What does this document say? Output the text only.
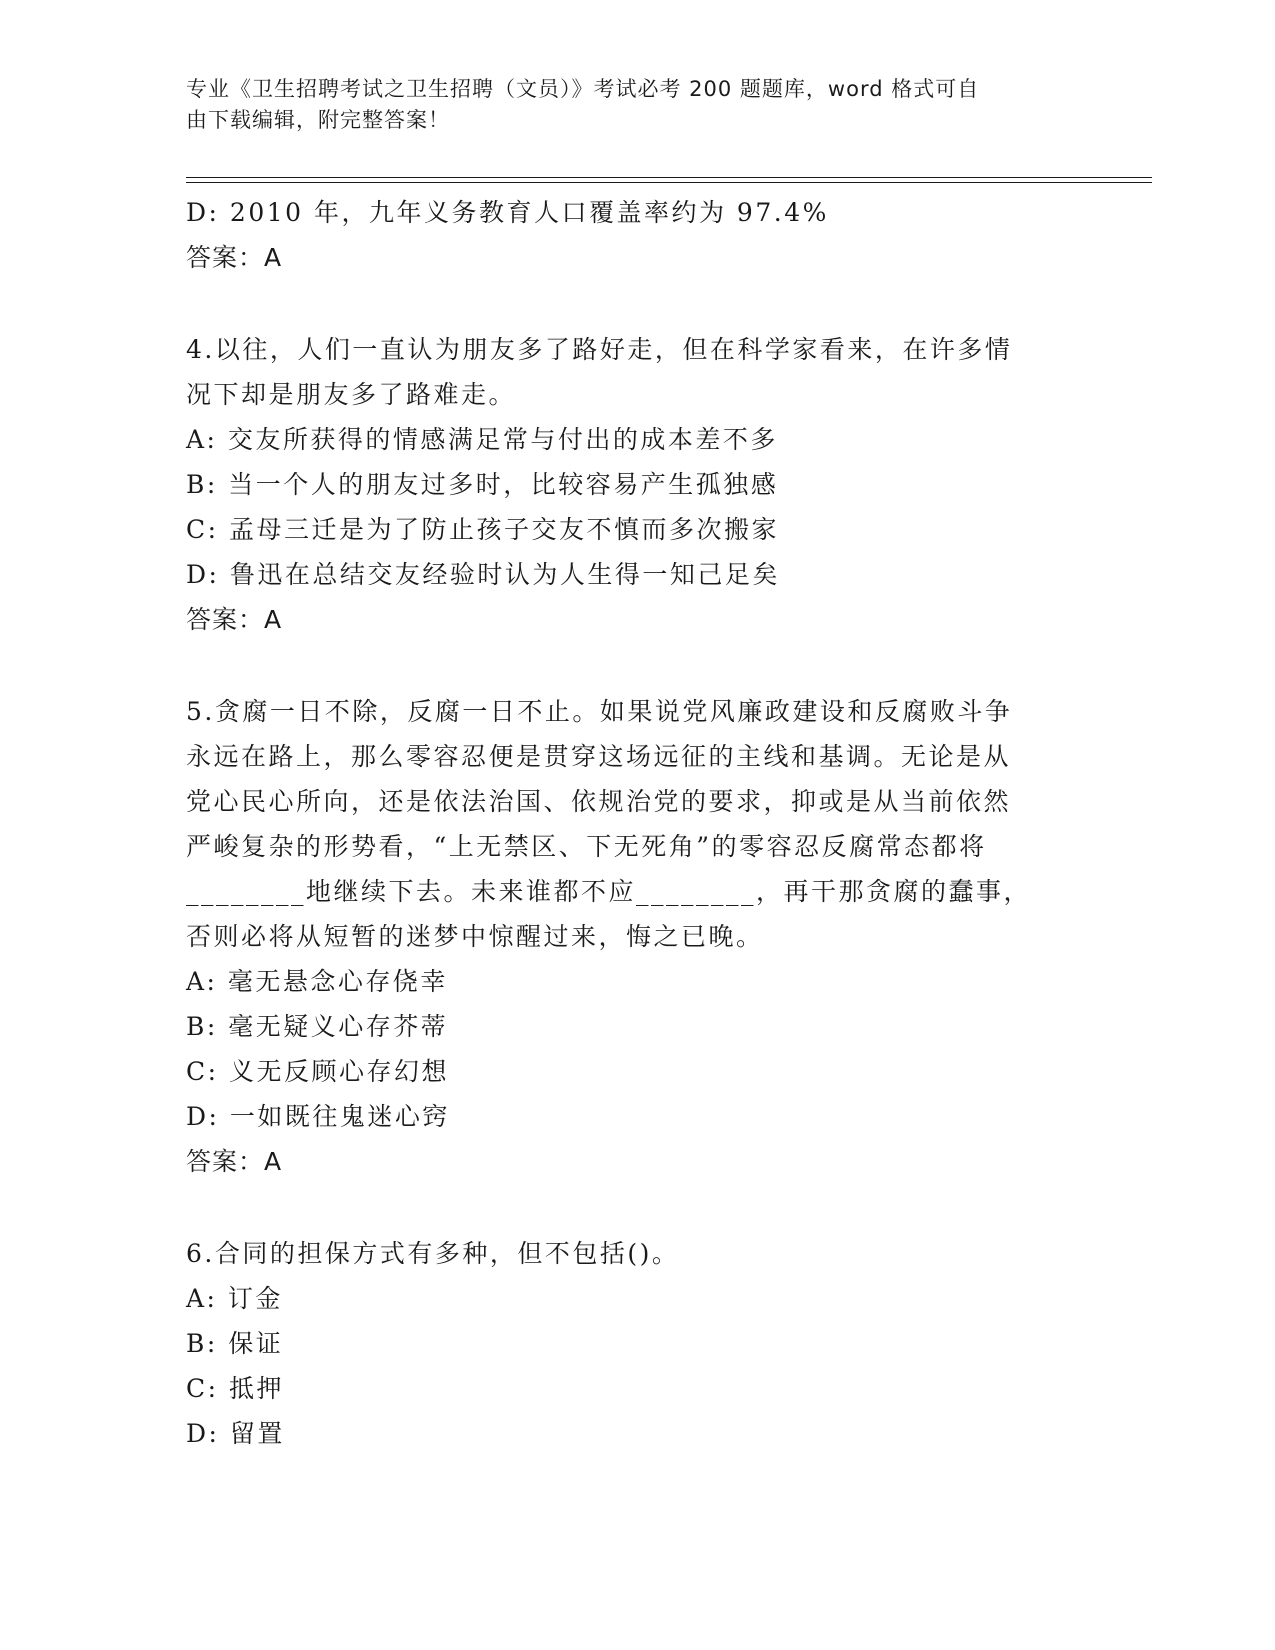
专业《卫生招聘考试之卫生招聘（文员）》考试必考 200 题题库，word 格式可自
由下载编辑，附完整答案！
D: 2010 年，九年义务教育人口覆盖率约为 97.4%
答案：A
4.以往，人们一直认为朋友多了路好走，但在科学家看来，在许多情
况下却是朋友多了路难走。
A: 交友所获得的情感满足常与付出的成本差不多
B: 当一个人的朋友过多时，比较容易产生孤独感
C: 孟母三迁是为了防止孩子交友不慎而多次搬家
D: 鲁迅在总结交友经验时认为人生得一知己足矣
答案：A
5.贪腐一日不除，反腐一日不止。如果说党风廉政建设和反腐败斗争
永远在路上，那么零容忍便是贯穿这场远征的主线和基调。无论是从
党心民心所向，还是依法治国、依规治党的要求，抑或是从当前依然
严峻复杂的形势看，“上无禁区、下无死角”的零容忍反腐常态都将
________地继续下去。未来谁都不应________，再干那贪腐的蠢事，
否则必将从短暂的迷梦中惊醒过来，悔之已晚。
A: 毫无悬念心存侥幸
B: 毫无疑义心存芥蒂
C: 义无反顾心存幻想
D: 一如既往鬼迷心窍
答案：A
6.合同的担保方式有多种，但不包括()。
A: 订金
B: 保证
C: 抵押
D: 留置
